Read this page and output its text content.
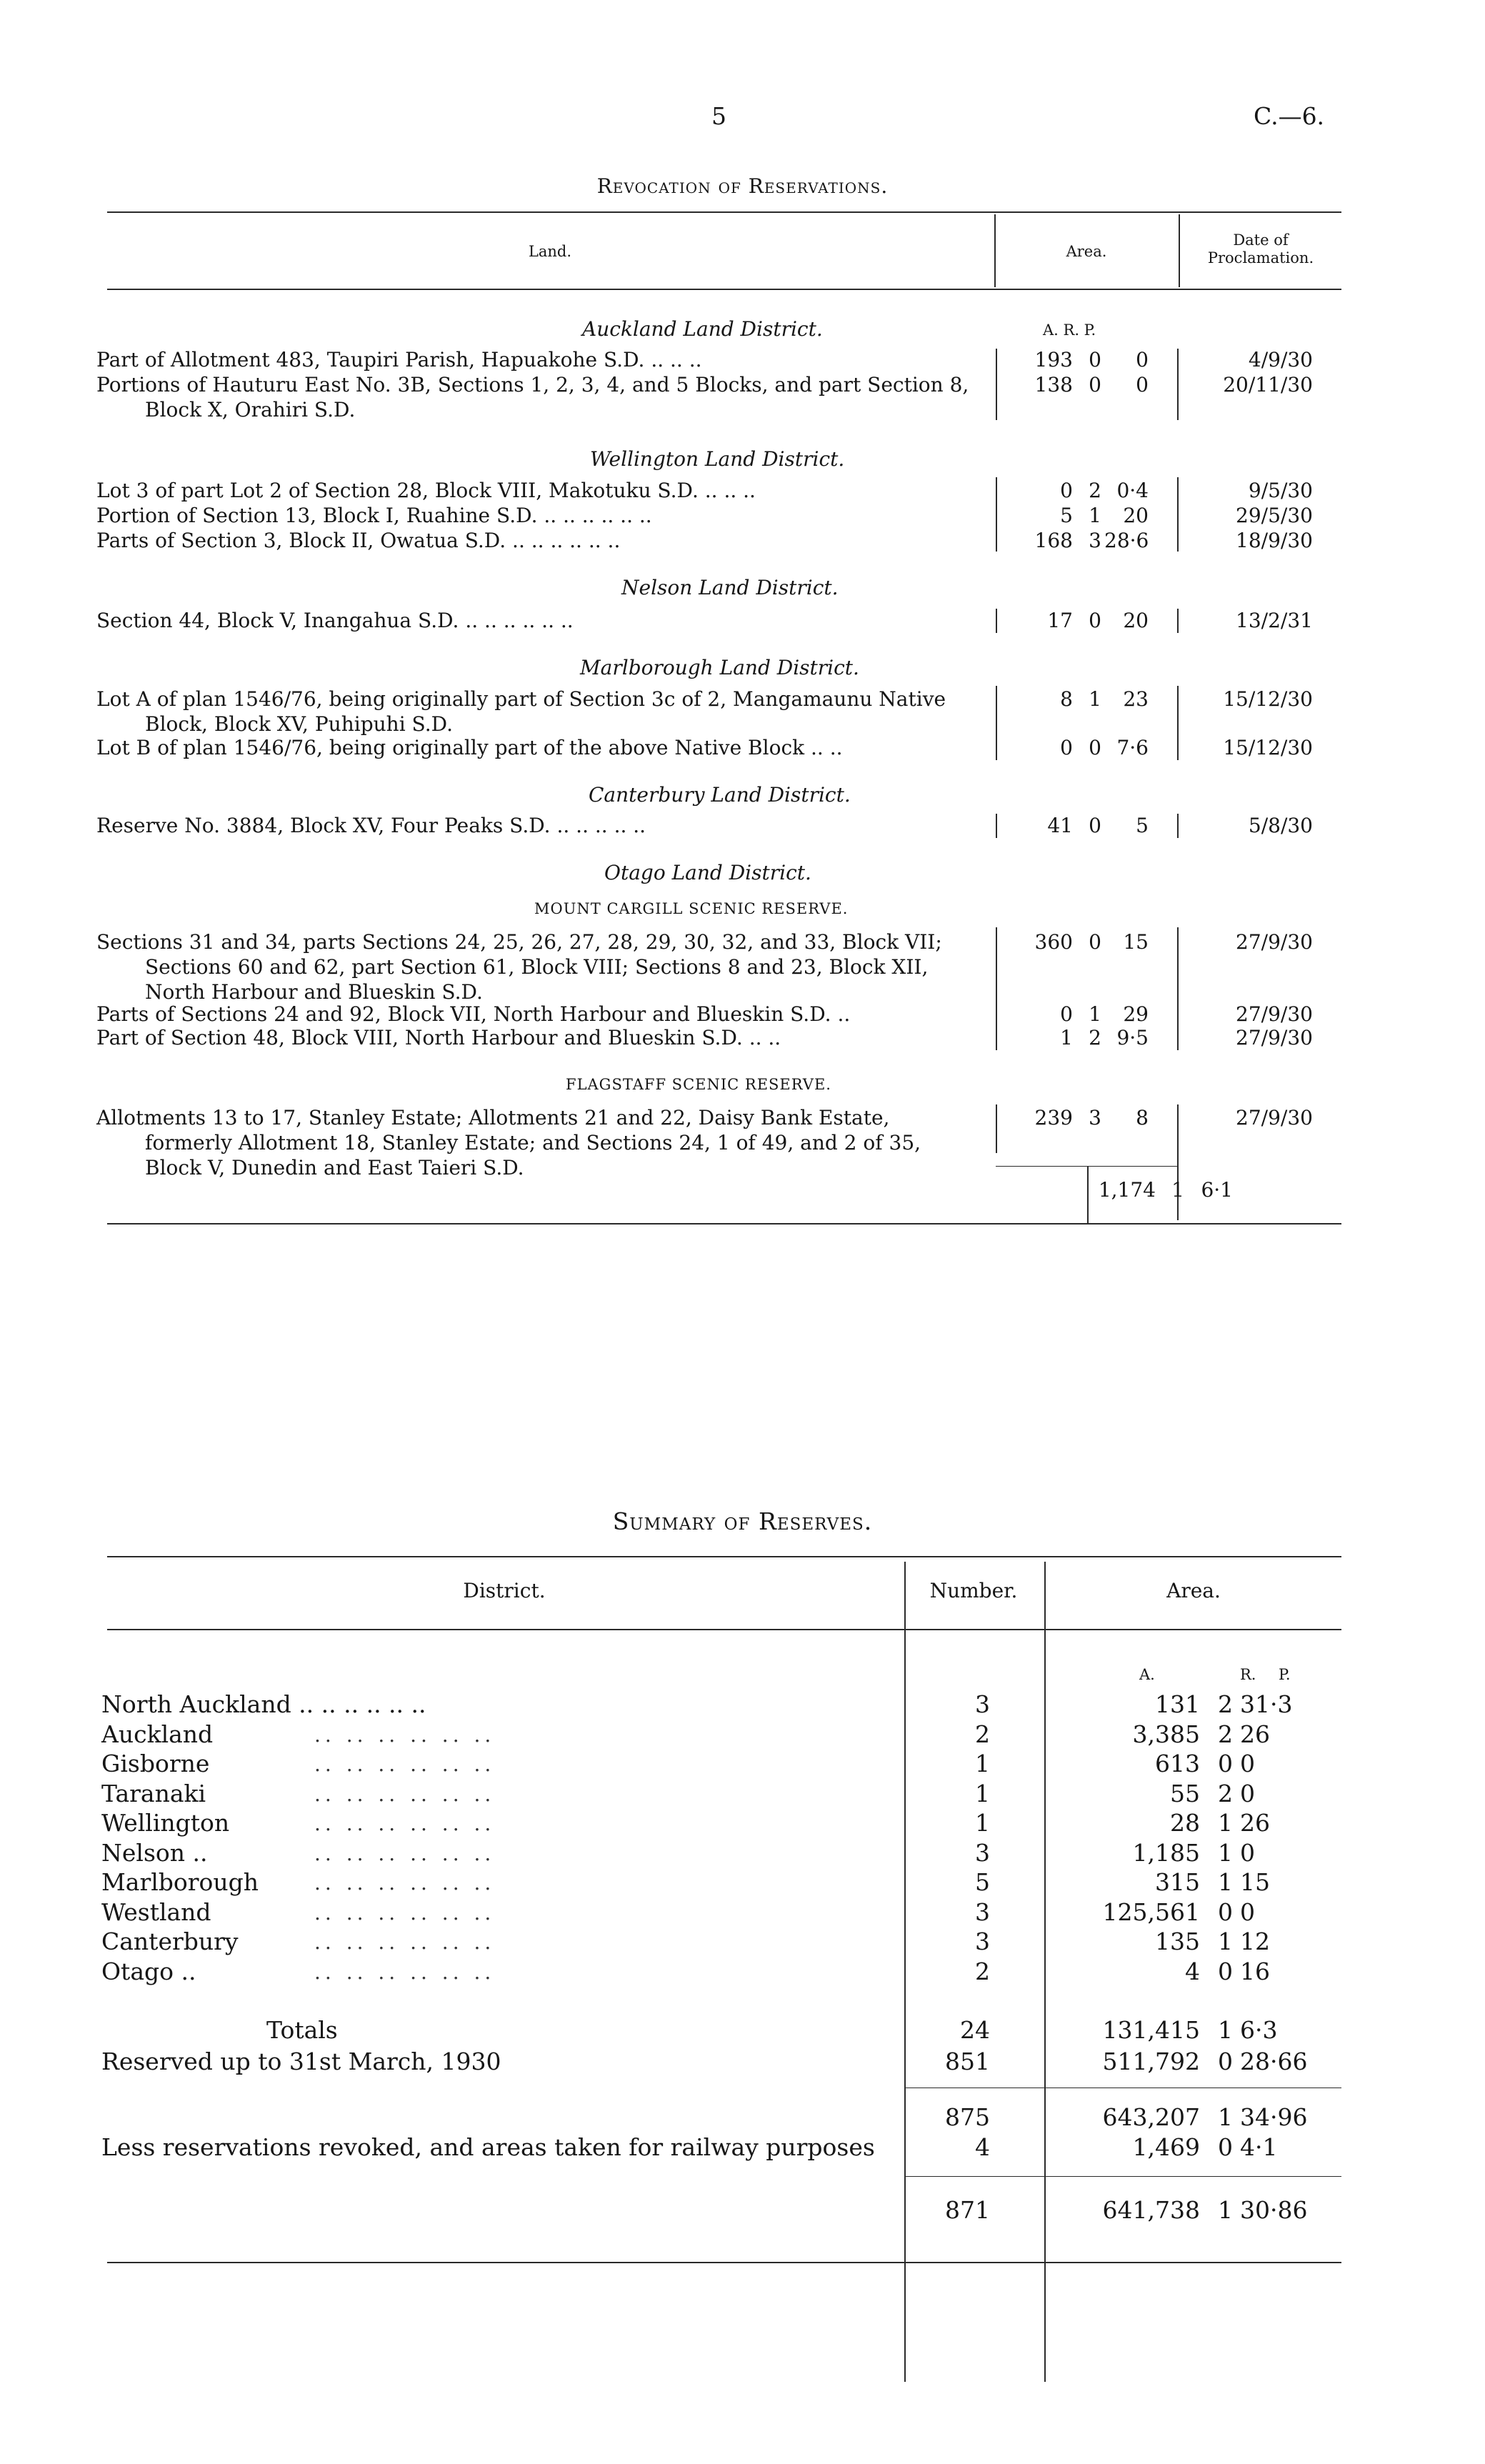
5	C.—6.
Revocation of Reservations.
Land.	Area.
Date of Proclamation.
Auckland Land District.	A. R. P.
Part of Allotment 483, Taupiri Parish, Hapuakohe S.D. .. .. ..	193 0	0	4/9/30
Portions of Hauturu East No. 3B, Sections 1, 2, 3, 4, and 5 Blocks, and part Section 8,
Block X, Orahiri S.D.
138 0	0	20/11/30
Wellington Land District.
Lot 3 of part Lot 2 of Section 28, Block VIII, Makotuku S.D. .. .. ..	0 2 0·4	9/5/30
Portion of Section 13, Block I, Ruahine S.D. .. .. .. .. .. ..	5 1	20	29/5/30
Parts of Section 3, Block II, Owatua S.D. .. .. .. .. .. ..	168 3 28·6	18/9/30
Nelson Land District.
Section 44, Block V, Inangahua S.D. .. .. .. .. .. ..	17 0	20	13/2/31
Marlborough Land District.
Lot A of plan 1546/76, being originally part of Section 3c of 2, Mangamaunu Native
Block, Block XV, Puhipuhi S.D.
8 1	23	15/12/30
Lot B of plan 1546/76, being originally part of the above Native Block .. ..	0 0 7·6	15/12/30
Canterbury Land District.
Reserve No. 3884, Block XV, Four Peaks S.D. .. .. .. .. ..	41 0	5	5/8/30
Otago Land District.
MOUNT CARGILL SCENIC RESERVE.
Sections 31 and 34, parts Sections 24, 25, 26, 27, 28, 29, 30, 32, and 33, Block VII;
Sections 60 and 62, part Section 61, Block VIII; Sections 8 and 23, Block XII,
North Harbour and Blueskin S.D.
360 0	15	27/9/30
Parts of Sections 24 and 92, Block VII, North Harbour and Blueskin S.D. ..	0 1	29	27/9/30
Part of Section 48, Block VIII, North Harbour and Blueskin S.D. .. ..	1 2 9·5	27/9/30
FLAGSTAFF SCENIC RESERVE.
Allotments 13 to 17, Stanley Estate; Allotments 21 and 22, Daisy Bank Estate,
formerly Allotment 18, Stanley Estate; and Sections 24, 1 of 49, and 2 of 35,
Block V, Dunedin and East Taieri S.D.
239 3	8	27/9/30
1,174 1 6·1
Summary of Reserves.
District.	Number.	Area.
A.	R. P.
North Auckland .. .. .. .. .. ..	3	131 2 31·3
Auckland	2	3,385 2 26
.. .. .. .. .. ..
Gisborne	1	613 0 0
.. .. .. .. .. ..
Taranaki	1	55 2 0
.. .. .. .. .. ..
Wellington	1	28 1 26
.. .. .. .. .. ..
Nelson ..	3	1,185 1 0
.. .. .. .. .. ..
Marlborough	5	315 1 15
.. .. .. .. .. ..
Westland	3	125,561 0 0
.. .. .. .. .. ..
Canterbury	3	135 1 12
.. .. .. .. .. ..
Otago ..	2	4 0 16
.. .. .. .. .. ..
Totals	24	131,415 1 6·3
Reserved up to 31st March, 1930	851	511,792 0 28·66
875	643,207 1 34·96
Less reservations revoked, and areas taken for railway purposes	4	1,469 0 4·1
871	641,738 1 30·86
